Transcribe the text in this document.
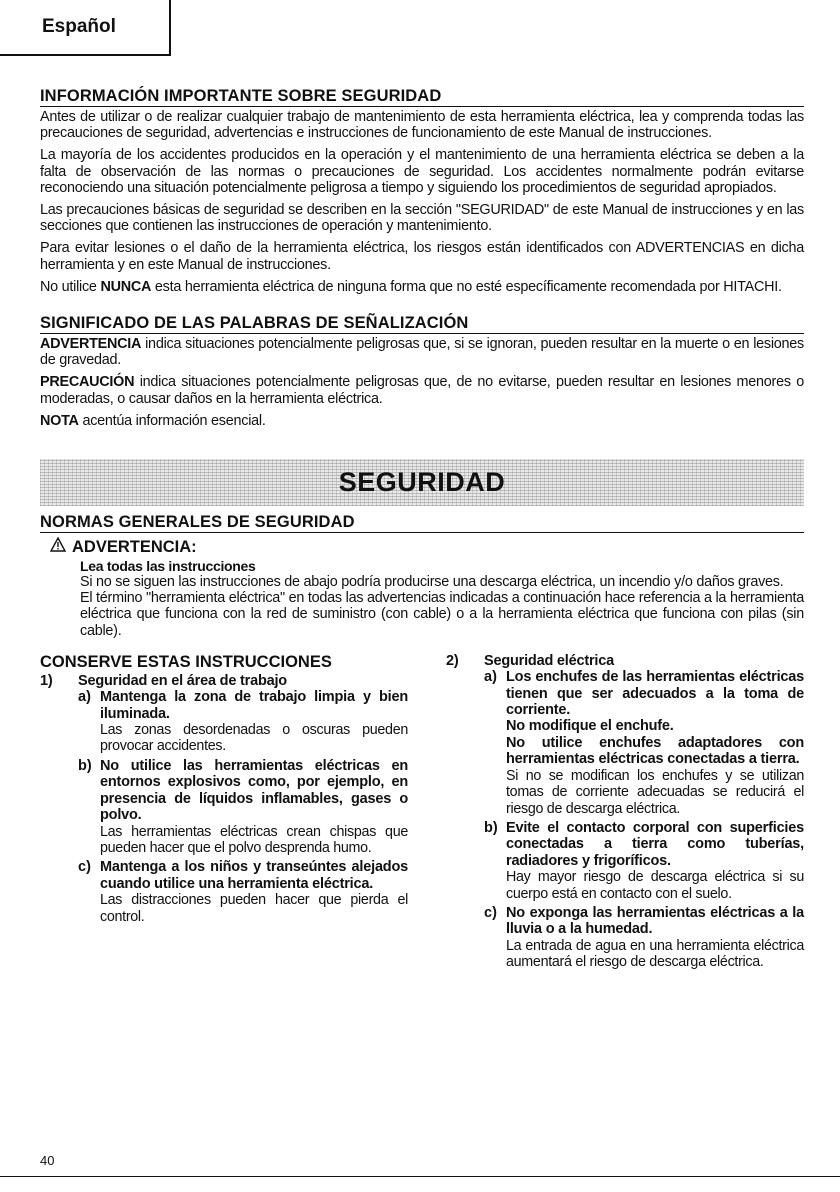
Español
INFORMACIÓN IMPORTANTE SOBRE SEGURIDAD

Antes de utilizar o de realizar cualquier trabajo de mantenimiento de esta herramienta eléctrica, lea y comprenda todas las precauciones de seguridad, advertencias e instrucciones de funcionamiento de este Manual de instrucciones.

La mayoría de los accidentes producidos en la operación y el mantenimiento de una herramienta eléctrica se deben a la falta de observación de las normas o precauciones de seguridad. Los accidentes normalmente podrán evitarse reconociendo una situación potencialmente peligrosa a tiempo y siguiendo los procedimientos de seguridad apropiados.

Las precauciones básicas de seguridad se describen en la sección "SEGURIDAD" de este Manual de instrucciones y en las secciones que contienen las instrucciones de operación y mantenimiento.

Para evitar lesiones o el daño de la herramienta eléctrica, los riesgos están identificados con ADVERTENCIAS en dicha herramienta y en este Manual de instrucciones.

No utilice NUNCA esta herramienta eléctrica de ninguna forma que no esté específicamente recomendada por HITACHI.

SIGNIFICADO DE LAS PALABRAS DE SEÑALIZACIÓN

ADVERTENCIA indica situaciones potencialmente peligrosas que, si se ignoran, pueden resultar en la muerte o en lesiones de gravedad.

PRECAUCIÓN indica situaciones potencialmente peligrosas que, de no evitarse, pueden resultar en lesiones menores o moderadas, o causar daños en la herramienta eléctrica.

NOTA acentúa información esencial.

SEGURIDAD
NORMAS GENERALES DE SEGURIDAD
ADVERTENCIA:
Lea todas las instrucciones

Si no se siguen las instrucciones de abajo podría producirse una descarga eléctrica, un incendio y/o daños graves.

El término "herramienta eléctrica" en todas las advertencias indicadas a continuación hace referencia a la herramienta eléctrica que funciona con la red de suministro (con cable) o a la herramienta eléctrica que funciona con pilas (sin cable).

CONSERVE ESTAS INSTRUCCIONES
1)	Seguridad en el área de trabajo
a) Mantenga la zona de trabajo limpia y bien iluminada.
Las zonas desordenadas o oscuras pueden provocar accidentes.
b) No utilice las herramientas eléctricas en entornos explosivos como, por ejemplo, en presencia de líquidos inflamables, gases o polvo.
Las herramientas eléctricas crean chispas que pueden hacer que el polvo desprenda humo.
c) Mantenga a los niños y transeúntes alejados cuando utilice una herramienta eléctrica.
Las distracciones pueden hacer que pierda el control.
2)	Seguridad eléctrica
a) Los enchufes de las herramientas eléctricas tienen que ser adecuados a la toma de corriente.
No modifique el enchufe.
No utilice enchufes adaptadores con herramientas eléctricas conectadas a tierra.
Si no se modifican los enchufes y se utilizan tomas de corriente adecuadas se reducirá el riesgo de descarga eléctrica.
b) Evite el contacto corporal con superficies conectadas a tierra como tuberías, radiadores y frigoríficos.
Hay mayor riesgo de descarga eléctrica si su cuerpo está en contacto con el suelo.
c) No exponga las herramientas eléctricas a la lluvia o a la humedad.
La entrada de agua en una herramienta eléctrica aumentará el riesgo de descarga eléctrica.
40
